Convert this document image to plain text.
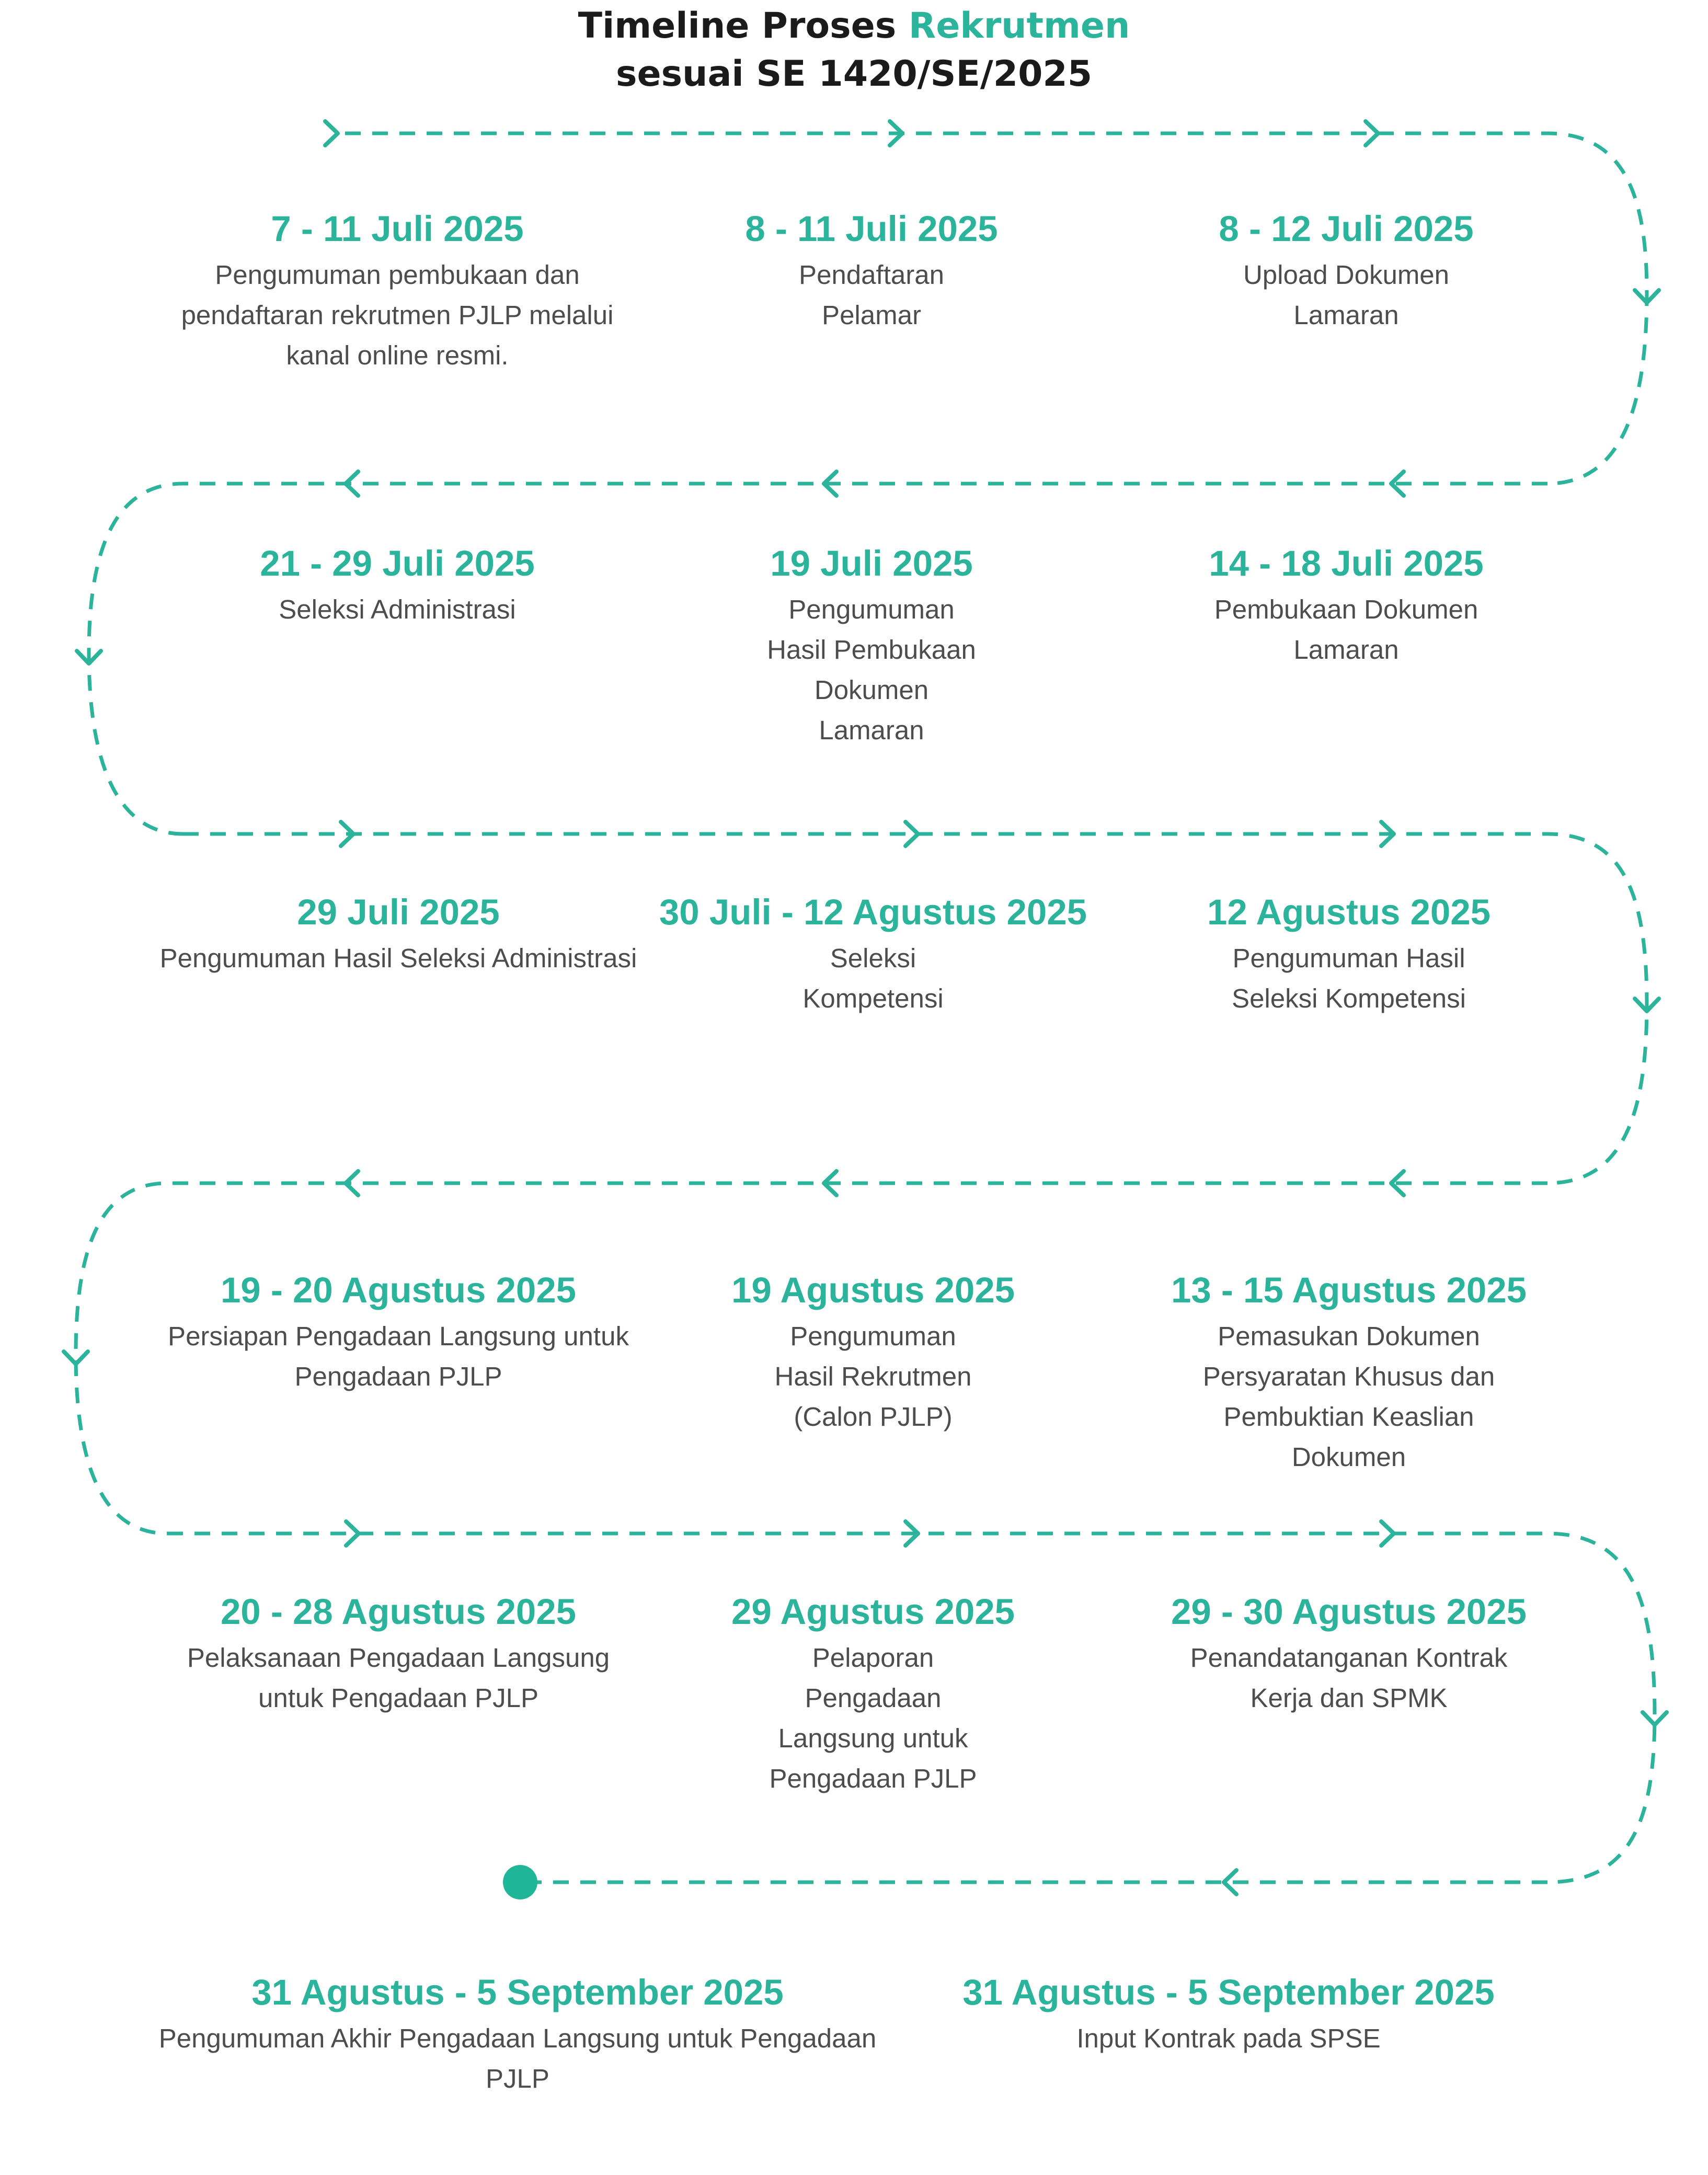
Timeline Proses Rekrutmen
sesuai SE 1420/SE/2025
7 - 11 Juli 2025
Pengumuman pembukaan dan
pendaftaran rekrutmen PJLP melalui
kanal online resmi.
8 - 11 Juli 2025
Pendaftaran
Pelamar
8 - 12 Juli 2025
Upload Dokumen
Lamaran
21 - 29 Juli 2025
Seleksi Administrasi
19 Juli 2025
Pengumuman
Hasil Pembukaan
Dokumen
Lamaran
14 - 18 Juli 2025
Pembukaan Dokumen
Lamaran
29 Juli 2025
Pengumuman Hasil Seleksi Administrasi
30 Juli - 12 Agustus 2025
Seleksi
Kompetensi
12 Agustus 2025
Pengumuman Hasil
Seleksi Kompetensi
19 - 20 Agustus 2025
Persiapan Pengadaan Langsung untuk
Pengadaan PJLP
19 Agustus 2025
Pengumuman
Hasil Rekrutmen
(Calon PJLP)
13 - 15 Agustus 2025
Pemasukan Dokumen
Persyaratan Khusus dan
Pembuktian Keaslian
Dokumen
20 - 28 Agustus 2025
Pelaksanaan Pengadaan Langsung
untuk Pengadaan PJLP
29 Agustus 2025
Pelaporan
Pengadaan
Langsung untuk
Pengadaan PJLP
29 - 30 Agustus 2025
Penandatanganan Kontrak
Kerja dan SPMK
31 Agustus - 5 September 2025
Pengumuman Akhir Pengadaan Langsung untuk Pengadaan
PJLP
31 Agustus - 5 September 2025
Input Kontrak pada SPSE
